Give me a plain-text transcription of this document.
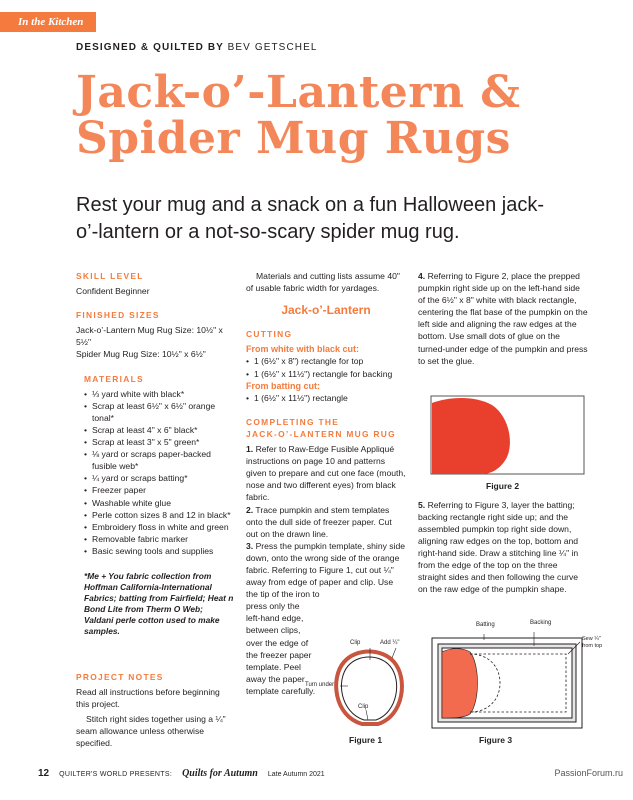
In the Kitchen
DESIGNED & QUILTED BY BEV GETSCHEL
Jack-o’-Lantern &
Spider Mug Rugs
Rest your mug and a snack on a fun Halloween jack-o’-lantern or a not-so-scary spider mug rug.
SKILL LEVEL
Confident Beginner
FINISHED SIZES
Jack-o’-Lantern Mug Rug Size: 10½" x 5½"
Spider Mug Rug Size: 10½" x 6½"
MATERIALS
• ⅓ yard white with black*
• Scrap at least 6½" x 6½" orange tonal*
• Scrap at least 4" x 6" black*
• Scrap at least 3" x 5" green*
• ⅛ yard or scraps paper-backed fusible web*
• ¼ yard or scraps batting*
• Freezer paper
• Washable white glue
• Perle cotton sizes 8 and 12 in black*
• Embroidery floss in white and green
• Removable fabric marker
• Basic sewing tools and supplies
*Me + You fabric collection from Hoffman California-International Fabrics; batting from Fairfield; Heat n Bond Lite from Therm O Web; Valdani perle cotton used to make samples.
PROJECT NOTES
Read all instructions before beginning this project.
Stitch right sides together using a ¼" seam allowance unless otherwise specified.
Materials and cutting lists assume 40" of usable fabric width for yardages.
Jack-o’-Lantern
CUTTING
From white with black cut:
• 1 (6½" x 8") rectangle for top
• 1 (6½" x 11½") rectangle for backing
From batting cut:
• 1 (6½" x 11½") rectangle
COMPLETING THE
JACK-O’-LANTERN MUG RUG
1. Refer to Raw-Edge Fusible Appliqué instructions on page 10 and patterns given to prepare and cut one face (mouth, nose and two different eyes) from black fabric.
2. Trace pumpkin and stem templates onto the dull side of freezer paper. Cut out on the drawn line.
3. Press the pumpkin template, shiny side down, onto the wrong side of the orange fabric. Referring to Figure 1, cut out ¼" away from edge of paper and clip. Use the tip of the iron to
press only the
left-hand edge,
between clips,
over the edge of
the freezer paper
template. Peel
away the paper
template carefully.
Clip	Add ¼"
Turn under
Clip
Figure 1
4. Referring to Figure 2, place the prepped pumpkin right side up on the left-hand side of the 6½" x 8" white with black rectangle, centering the flat base of the pumpkin on the left side and aligning the raw edges at the bottom. Use small dots of glue on the turned-under edge of the pumpkin and press to set the glue.
5. Referring to Figure 3, layer the batting; backing rectangle right side up; and the assembled pumpkin top right side down, aligning raw edges on the top, bottom and right-hand side. Draw a stitching line ¼" in from the edge of the top on the three straight sides and then following the curve on the raw edge of the pumpkin shape.
Figure 2
Batting	Backing
Sew ¼"
from top
Figure 3
12 QUILTER'S WORLD PRESENTS: Quilts for Autumn Late Autumn 2021	PassionForum.ru
